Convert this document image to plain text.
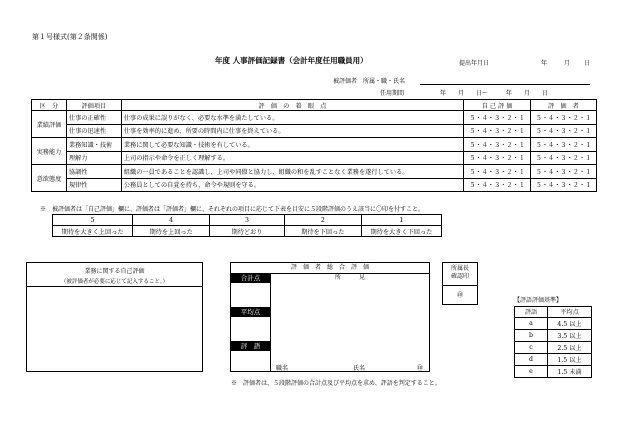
第１号様式(第２条関係)
年度 人事評価記録書（会計年度任用職員用）	提出年月日	年	月 日
被評価者　所属・職・氏名
任用期間	年　　月　　日〜　　　年　　月　　日
区　分	評価項目	評　価　の　着　眼　点	自 己 評 価	評　価　者
業績評価	仕事の正確性	仕事の成果に誤りがなく、必要な水準を満たしている。	５・４・３・２・１	５・４・３・２・１
	仕事の迅速性	仕事を効率的に進め、所要の時間内に仕事を終えている。	５・４・３・２・１	５・４・３・２・１
実務能力	業務知識・技術	業務に関して必要な知識・技術を有している。	５・４・３・２・１	５・４・３・２・１
	理解力	上司の指示や命令を正しく理解する。	５・４・３・２・１	５・４・３・２・１
意欲態度	協調性	組織の一員であることを認識し、上司や同僚と協力し、組織の和を乱すことなく業務を遂行している。	５・４・３・２・１	５・４・３・２・１
	規律性	公務員としての自覚を持ち、命令や規則を守る。	５・４・３・２・１	５・４・３・２・１
※　被評価者は「自己評価」欄に、評価者は「評価者」欄に、それぞれの項目に応じて下表を目安に５段階評価のうえ該当に〇印を付すこと。
5	4	3	2	1
期待を大きく上回った	期待を上回った	期待どおり	期待を下回った	期待を大きく下回った
業務に関する自己評価
（被評価者が必要に応じて記入すること。）
評　価　者　総　合　評　価
合計点	所　　　見
平均点
評　語
職名	氏名	㊞
所属長確認印
㊞
【評語評価基準】
評語	平均点
a	4.5 以上
b	3.5 以上
c	2.5 以上
d	1.5 以上
e	1.5 未満
※　評価者は、５段階評価の合計点及び平均点を求め、評語を判定すること。
